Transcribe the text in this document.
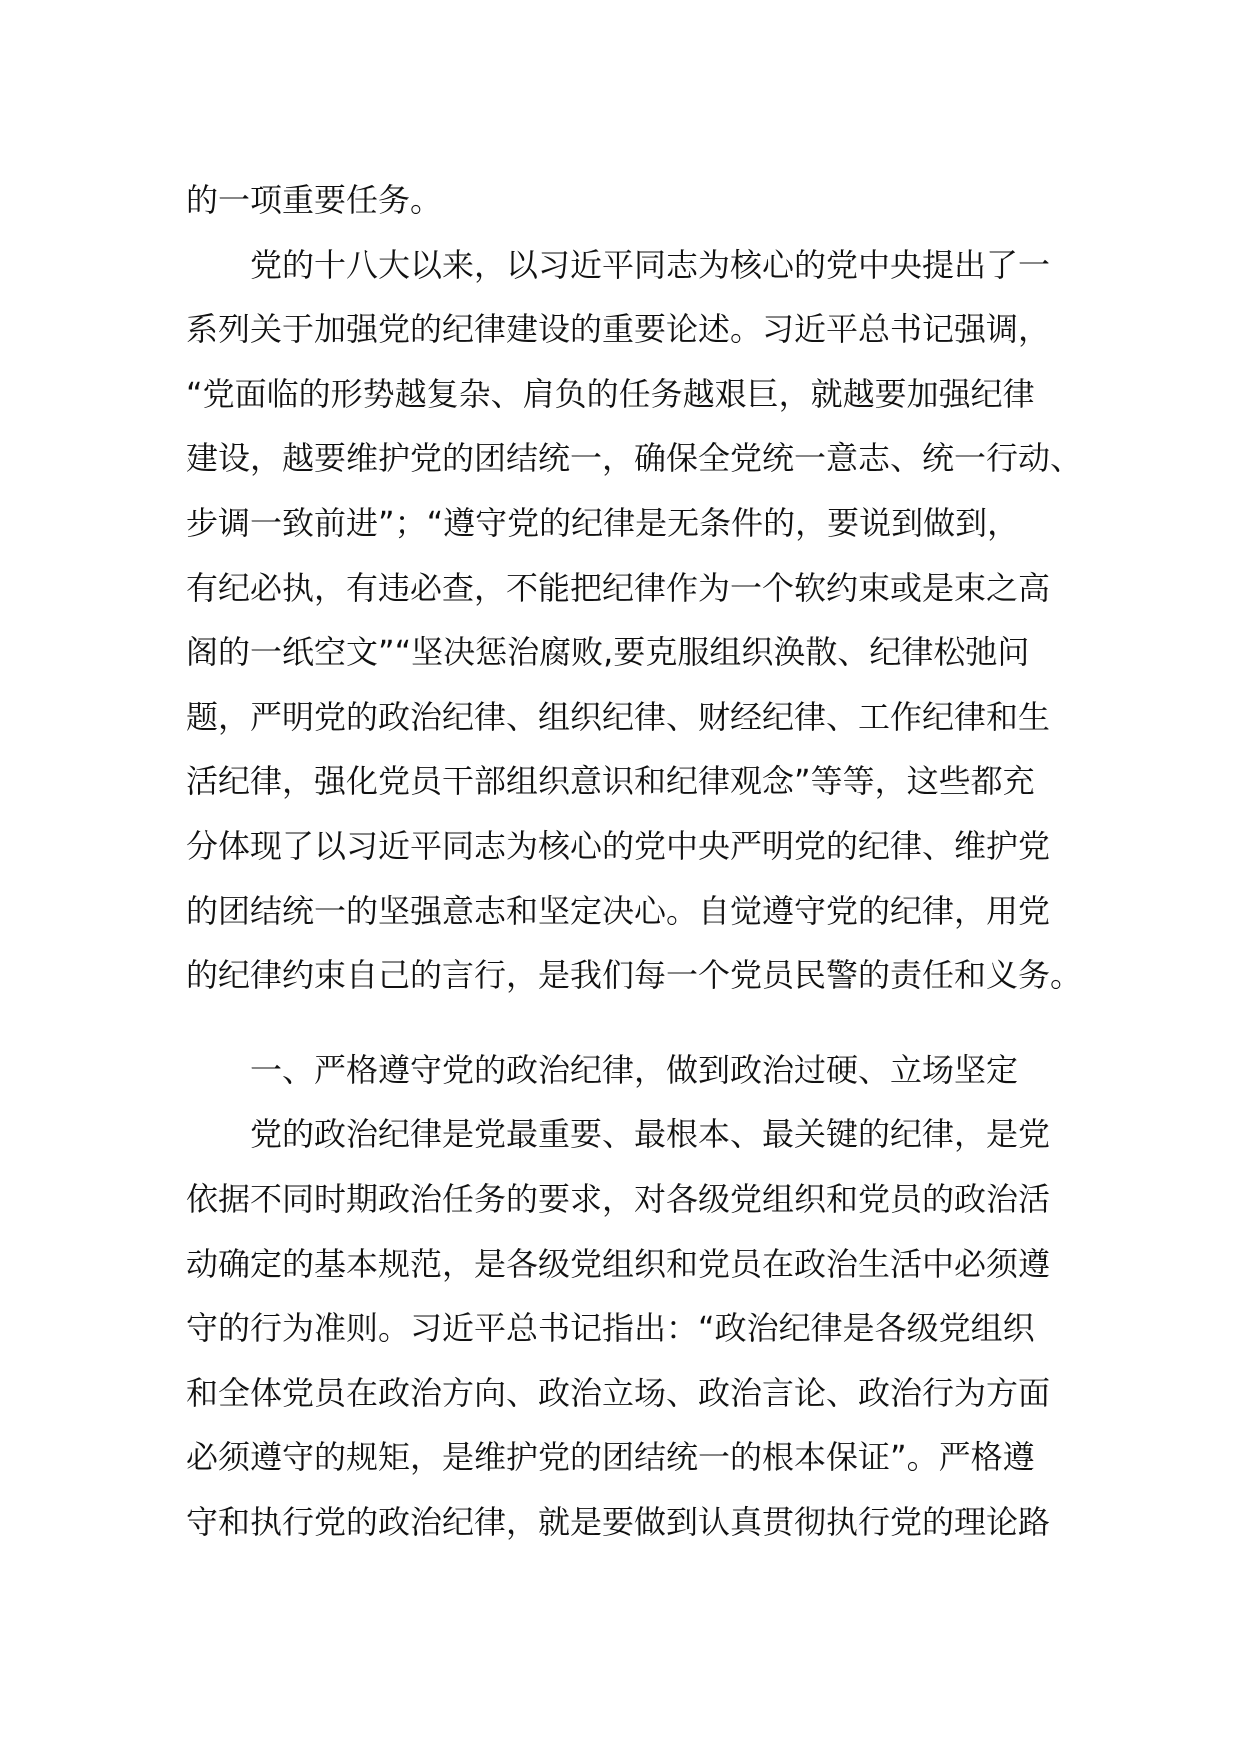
的一项重要任务。
　　党的十八大以来，以习近平同志为核心的党中央提出了一
系列关于加强党的纪律建设的重要论述。习近平总书记强调，
“党面临的形势越复杂、肩负的任务越艰巨，就越要加强纪律
建设，越要维护党的团结统一，确保全党统一意志、统一行动、
步调一致前进”；“遵守党的纪律是无条件的，要说到做到，
有纪必执，有违必查，不能把纪律作为一个软约束或是束之高
阁的一纸空文”“坚决惩治腐败,要克服组织涣散、纪律松弛问
题，严明党的政治纪律、组织纪律、财经纪律、工作纪律和生
活纪律，强化党员干部组织意识和纪律观念”等等，这些都充
分体现了以习近平同志为核心的党中央严明党的纪律、维护党
的团结统一的坚强意志和坚定决心。自觉遵守党的纪律，用党
的纪律约束自己的言行，是我们每一个党员民警的责任和义务。
　　一、严格遵守党的政治纪律，做到政治过硬、立场坚定
　　党的政治纪律是党最重要、最根本、最关键的纪律，是党
依据不同时期政治任务的要求，对各级党组织和党员的政治活
动确定的基本规范，是各级党组织和党员在政治生活中必须遵
守的行为准则。习近平总书记指出：“政治纪律是各级党组织
和全体党员在政治方向、政治立场、政治言论、政治行为方面
必须遵守的规矩，是维护党的团结统一的根本保证”。严格遵
守和执行党的政治纪律，就是要做到认真贯彻执行党的理论路
